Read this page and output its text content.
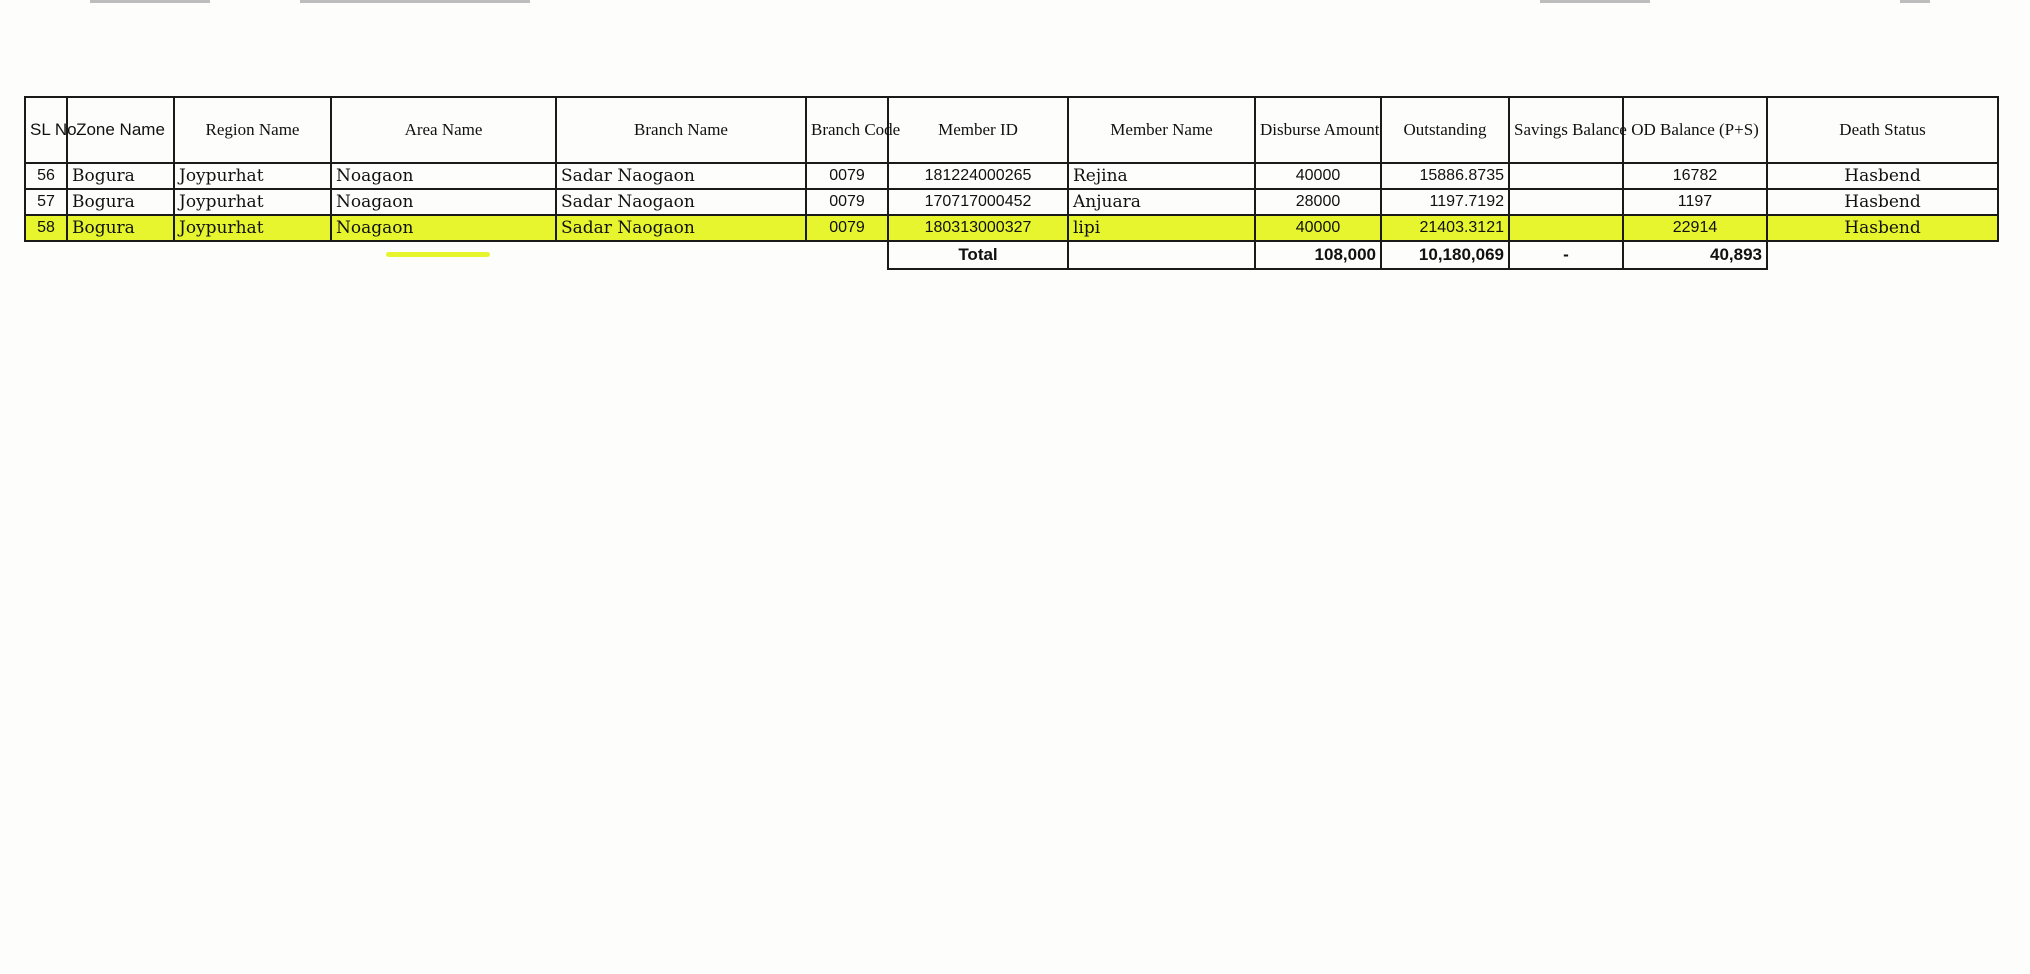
SL No	Zone Name	Region Name	Area Name	Branch Name	Branch Code	Member ID	Member Name	Disburse Amount	Outstanding	Savings Balance	OD Balance (P+S)	Death Status
56	Bogura	Joypurhat	Noagaon	Sadar Naogaon	0079	181224000265	Rejina	40000	15886.8735		16782	Hasbend
57	Bogura	Joypurhat	Noagaon	Sadar Naogaon	0079	170717000452	Anjuara	28000	1197.7192		1197	Hasbend
58	Bogura	Joypurhat	Noagaon	Sadar Naogaon	0079	180313000327	lipi	40000	21403.3121		22914	Hasbend
						Total		108,000	10,180,069	-	40,893	
